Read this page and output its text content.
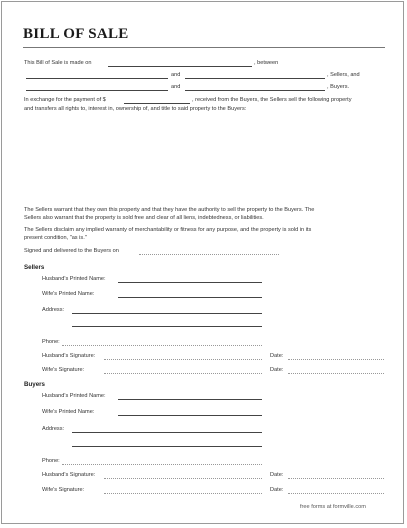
BILL OF SALE
This Bill of Sale is made on	, between
and	, Sellers, and
and	, Buyers.
In exchange for the payment of $	, received from the Buyers, the Sellers sell the following property
and transfers all rights to, interest in, ownership of, and title to said property to the Buyers:
The Sellers warrant that they own this property and that they have the authority to sell the property to the Buyers. The
Sellers also warrant that the property is sold free and clear of all liens, indebtedness, or liabilities.
The Sellers disclaim any implied warranty of merchantability or fitness for any purpose, and the property is sold in its
present condition, "as is."
Signed and delivered to the Buyers on
Sellers
Husband's Printed Name:
Wife's Printed Name:
Address:
Phone:
Husband's Signature:	Date:
Wife's Signature:	Date:
Buyers
Husband's Printed Name:
Wife's Printed Name:
Address:
Phone:
Husband's Signature:	Date:
Wife's Signature:	Date:
free forms at formville.com
